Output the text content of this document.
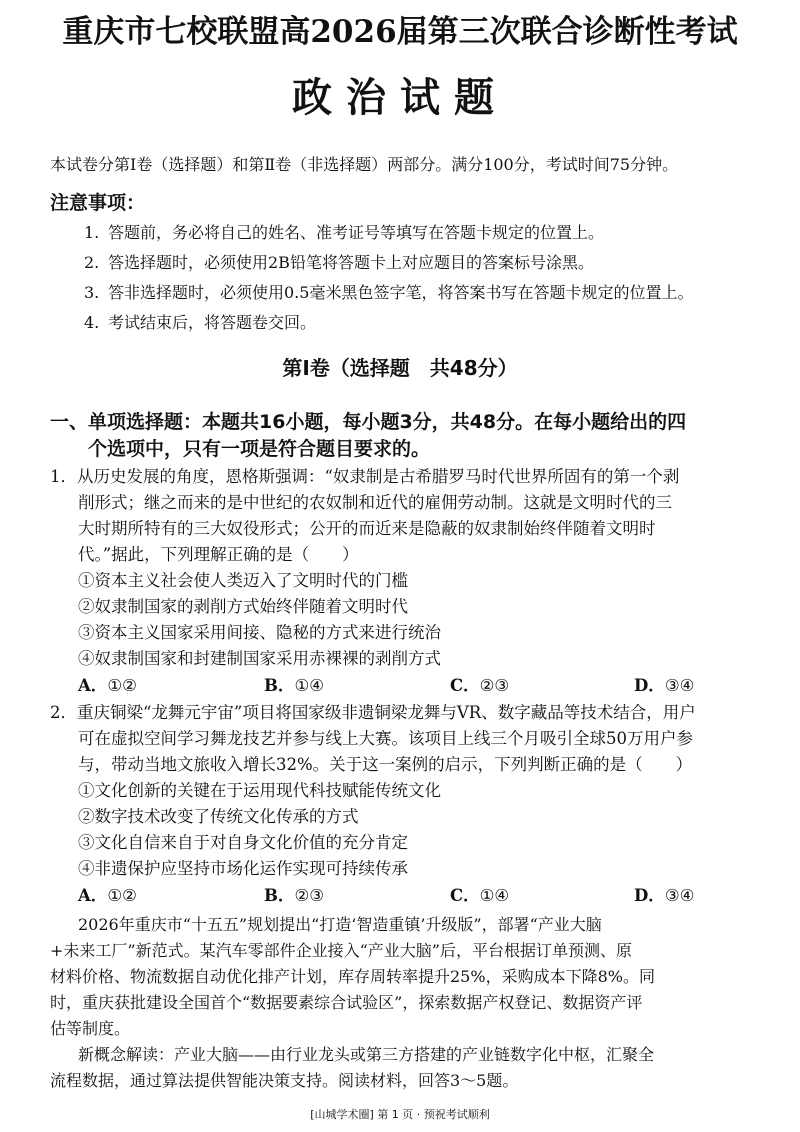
重庆市七校联盟高2026届第三次联合诊断性考试
政治试题
本试卷分第Ⅰ卷（选择题）和第Ⅱ卷（非选择题）两部分。满分100分，考试时间75分钟。
注意事项：
1. 答题前，务必将自己的姓名、准考证号等填写在答题卡规定的位置上。
2. 答选择题时，必须使用2B铅笔将答题卡上对应题目的答案标号涂黑。
3. 答非选择题时，必须使用0.5毫米黑色签字笔，将答案书写在答题卡规定的位置上。
4. 考试结束后，将答题卷交回。
第Ⅰ卷（选择题　共48分）
一、单项选择题：本题共16小题，每小题3分，共48分。在每小题给出的四
个选项中，只有一项是符合题目要求的。
1．从历史发展的角度，恩格斯强调：“奴隶制是古希腊罗马时代世界所固有的第一个剥
削形式；继之而来的是中世纪的农奴制和近代的雇佣劳动制。这就是文明时代的三
大时期所特有的三大奴役形式；公开的而近来是隐蔽的奴隶制始终伴随着文明时
代。”据此，下列理解正确的是（　　）
①资本主义社会使人类迈入了文明时代的门槛
②奴隶制国家的剥削方式始终伴随着文明时代
③资本主义国家采用间接、隐秘的方式来进行统治
④奴隶制国家和封建制国家采用赤裸裸的剥削方式
A．①②	B．①④	C．②③	D．③④
2．重庆铜梁“龙舞元宇宙”项目将国家级非遗铜梁龙舞与VR、数字藏品等技术结合，用户
可在虚拟空间学习舞龙技艺并参与线上大赛。该项目上线三个月吸引全球50万用户参
与，带动当地文旅收入增长32%。关于这一案例的启示，下列判断正确的是（　　）
①文化创新的关键在于运用现代科技赋能传统文化
②数字技术改变了传统文化传承的方式
③文化自信来自于对自身文化价值的充分肯定
④非遗保护应坚持市场化运作实现可持续传承
A．①②	B．②③	C．①④	D．③④
2026年重庆市“十五五”规划提出“打造‘智造重镇’升级版”，部署“产业大脑
+未来工厂”新范式。某汽车零部件企业接入“产业大脑”后，平台根据订单预测、原
材料价格、物流数据自动优化排产计划，库存周转率提升25%，采购成本下降8%。同
时，重庆获批建设全国首个“数据要素综合试验区”，探索数据产权登记、数据资产评
估等制度。
新概念解读：产业大脑——由行业龙头或第三方搭建的产业链数字化中枢，汇聚全
流程数据，通过算法提供智能决策支持。阅读材料，回答3～5题。
[山城学术圈] 第 1 页 · 预祝考试顺利
